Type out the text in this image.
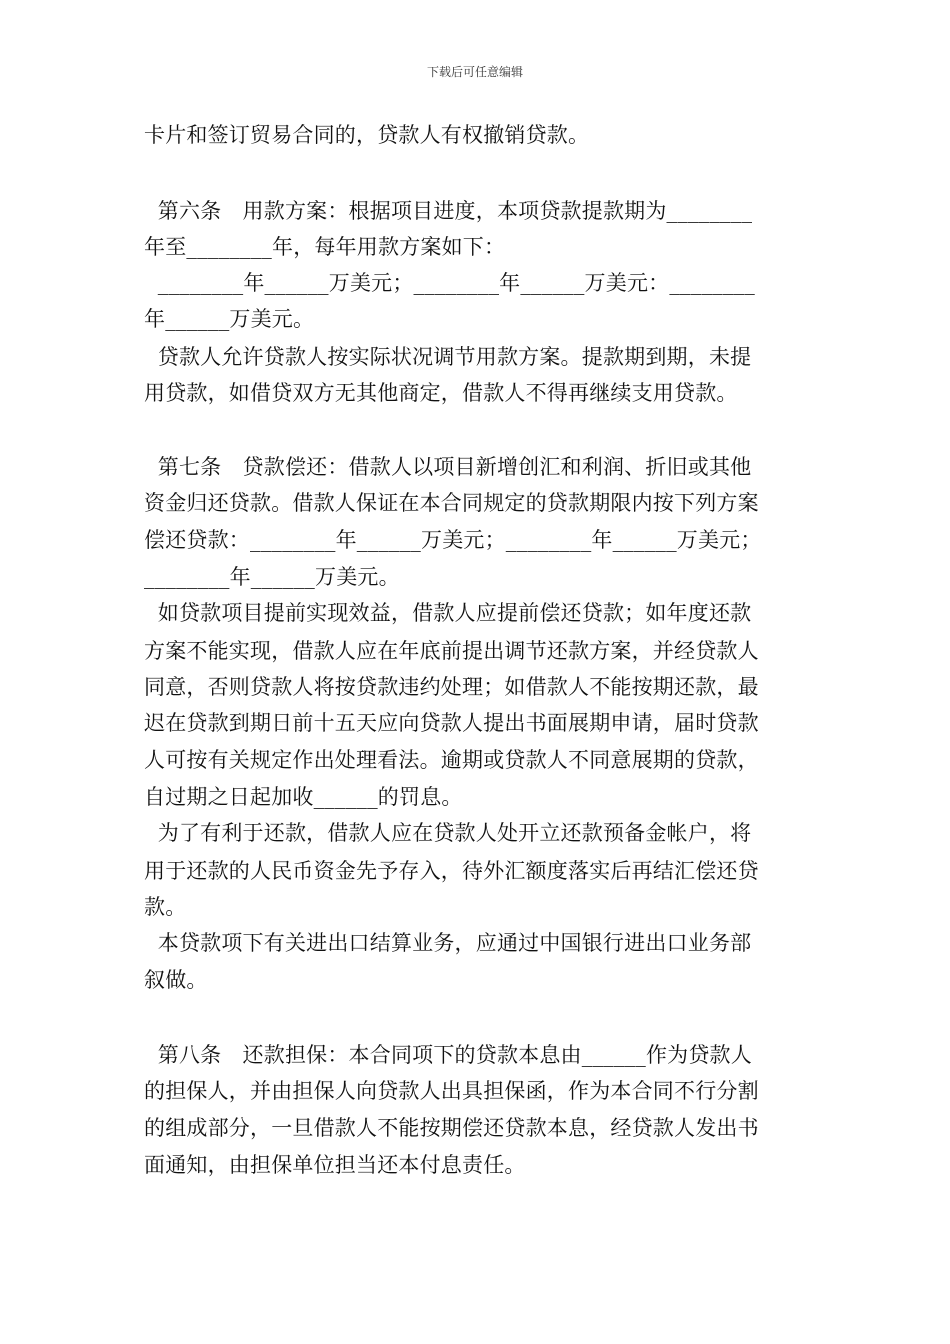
下载后可任意编辑
卡片和签订贸易合同的，贷款人有权撤销贷款。
第六条　用款方案：根据项目进度，本项贷款提款期为________
年至________年，每年用款方案如下：
________年______万美元；________年______万美元：________
年______万美元。
贷款人允许贷款人按实际状况调节用款方案。提款期到期，未提
用贷款，如借贷双方无其他商定，借款人不得再继续支用贷款。
第七条　贷款偿还：借款人以项目新增创汇和利润、折旧或其他
资金归还贷款。借款人保证在本合同规定的贷款期限内按下列方案
偿还贷款：________年______万美元；________年______万美元；
________年______万美元。
如贷款项目提前实现效益，借款人应提前偿还贷款；如年度还款
方案不能实现，借款人应在年底前提出调节还款方案，并经贷款人
同意，否则贷款人将按贷款违约处理；如借款人不能按期还款，最
迟在贷款到期日前十五天应向贷款人提出书面展期申请，届时贷款
人可按有关规定作出处理看法。逾期或贷款人不同意展期的贷款，
自过期之日起加收______的罚息。
为了有利于还款，借款人应在贷款人处开立还款预备金帐户，将
用于还款的人民币资金先予存入，待外汇额度落实后再结汇偿还贷
款。
本贷款项下有关进出口结算业务，应通过中国银行进出口业务部
叙做。
第八条　还款担保：本合同项下的贷款本息由______作为贷款人
的担保人，并由担保人向贷款人出具担保函，作为本合同不行分割
的组成部分，一旦借款人不能按期偿还贷款本息，经贷款人发出书
面通知，由担保单位担当还本付息责任。
